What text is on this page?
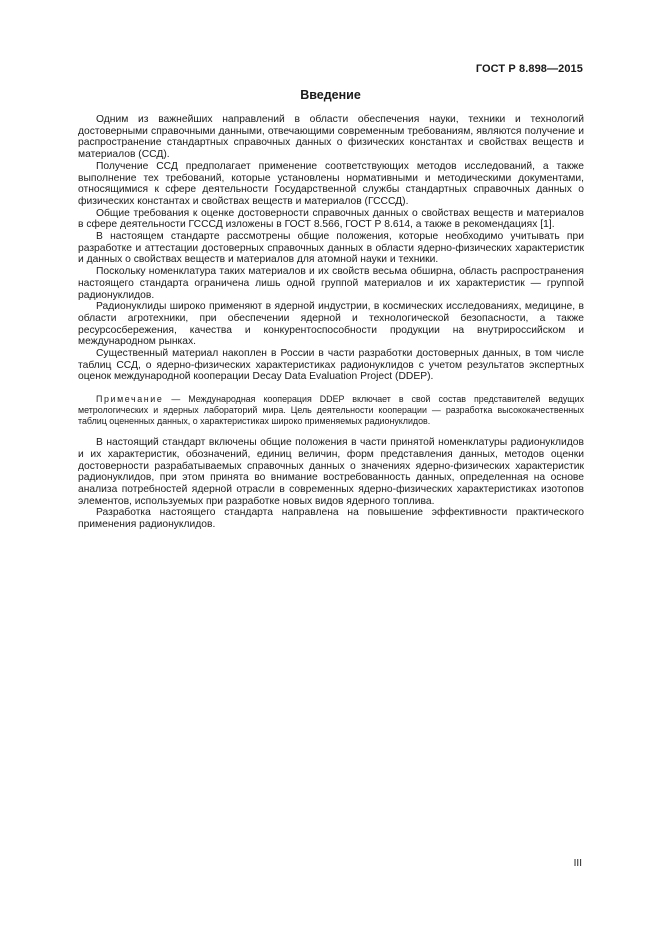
ГОСТ Р 8.898—2015
Введение

Одним из важнейших направлений в области обеспечения науки, техники и технологий достоверными справочными данными, отвечающими современным требованиям, являются получение и распространение стандартных справочных данных о физических константах и свойствах веществ и материалов (ССД).

Получение ССД предполагает применение соответствующих методов исследований, а также выполнение тех требований, которые установлены нормативными и методическими документами, относящимися к сфере деятельности Государственной службы стандартных справочных данных о физических константах и свойствах веществ и материалов (ГСССД).

Общие требования к оценке достоверности справочных данных о свойствах веществ и материалов в сфере деятельности ГСССД изложены в ГОСТ 8.566, ГОСТ Р 8.614, а также в рекомендациях [1].

В настоящем стандарте рассмотрены общие положения, которые необходимо учитывать при разработке и аттестации достоверных справочных данных в области ядерно-физических характеристик и данных о свойствах веществ и материалов для атомной науки и техники.

Поскольку номенклатура таких материалов и их свойств весьма обширна, область распространения настоящего стандарта ограничена лишь одной группой материалов и их характеристик — группой радионуклидов.

Радионуклиды широко применяют в ядерной индустрии, в космических исследованиях, медицине, в области агротехники, при обеспечении ядерной и технологической безопасности, а также ресурсосбережения, качества и конкурентоспособности продукции на внутрироссийском и международном рынках.

Существенный материал накоплен в России в части разработки достоверных данных, в том числе таблиц ССД, о ядерно-физических характеристиках радионуклидов с учетом результатов экспертных оценок международной кооперации Decay Data Evaluation Project (DDEP).

Примечание — Международная кооперация DDEP включает в свой состав представителей ведущих метрологических и ядерных лабораторий мира. Цель деятельности кооперации — разработка высококачественных таблиц оцененных данных, о характеристиках широко применяемых радионуклидов.

В настоящий стандарт включены общие положения в части принятой номенклатуры радионуклидов и их характеристик, обозначений, единиц величин, форм представления данных, методов оценки достоверности разрабатываемых справочных данных о значениях ядерно-физических характеристик радионуклидов, при этом принята во внимание востребованность данных, определенная на основе анализа потребностей ядерной отрасли в современных ядерно-физических характеристиках изотопов элементов, используемых при разработке новых видов ядерного топлива.

Разработка настоящего стандарта направлена на повышение эффективности практического применения радионуклидов.

III
